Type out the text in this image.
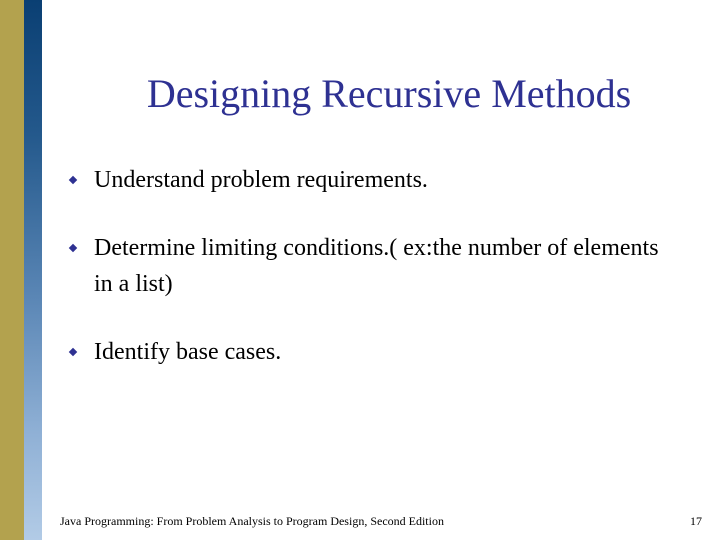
Designing Recursive Methods
Understand problem requirements.
Determine limiting conditions.( ex:the number of elements in a list)
Identify base cases.
Java Programming: From Problem Analysis to Program Design, Second Edition	17
